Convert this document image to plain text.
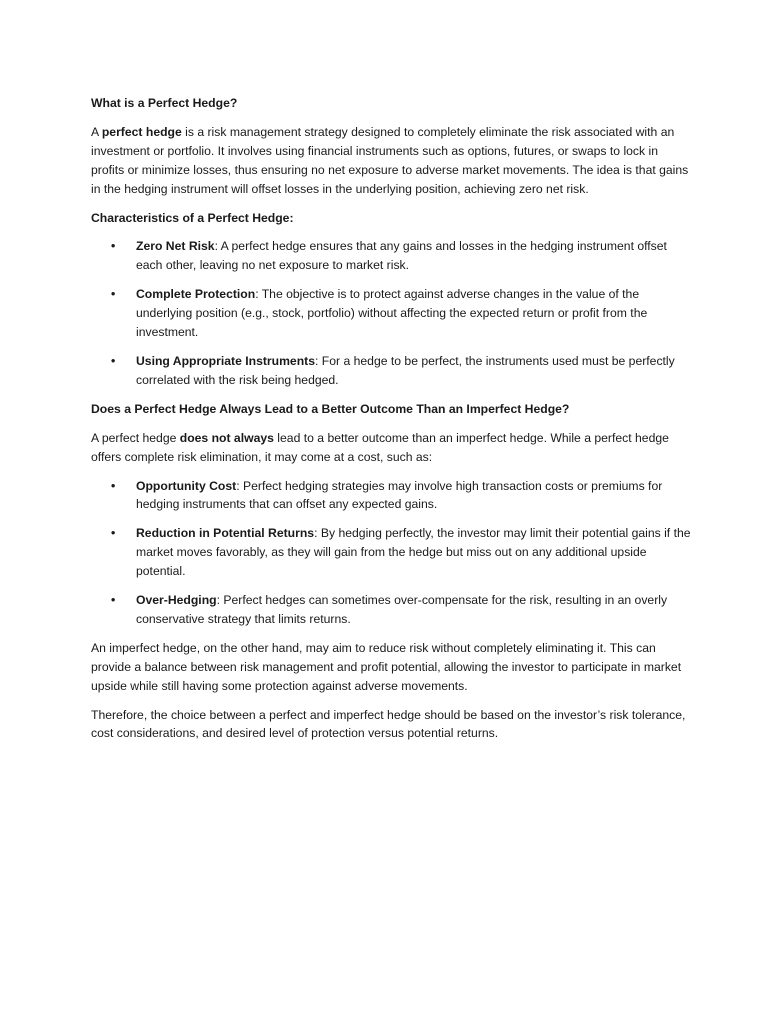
What is a Perfect Hedge?

A perfect hedge is a risk management strategy designed to completely eliminate the risk associated with an investment or portfolio. It involves using financial instruments such as options, futures, or swaps to lock in profits or minimize losses, thus ensuring no net exposure to adverse market movements. The idea is that gains in the hedging instrument will offset losses in the underlying position, achieving zero net risk.

Characteristics of a Perfect Hedge:
• Zero Net Risk: A perfect hedge ensures that any gains and losses in the hedging instrument offset each other, leaving no net exposure to market risk.
• Complete Protection: The objective is to protect against adverse changes in the value of the underlying position (e.g., stock, portfolio) without affecting the expected return or profit from the investment.
• Using Appropriate Instruments: For a hedge to be perfect, the instruments used must be perfectly correlated with the risk being hedged.
Does a Perfect Hedge Always Lead to a Better Outcome Than an Imperfect Hedge?

A perfect hedge does not always lead to a better outcome than an imperfect hedge. While a perfect hedge offers complete risk elimination, it may come at a cost, such as:

• Opportunity Cost: Perfect hedging strategies may involve high transaction costs or premiums for hedging instruments that can offset any expected gains.
• Reduction in Potential Returns: By hedging perfectly, the investor may limit their potential gains if the market moves favorably, as they will gain from the hedge but miss out on any additional upside potential.
• Over-Hedging: Perfect hedges can sometimes over-compensate for the risk, resulting in an overly conservative strategy that limits returns.

An imperfect hedge, on the other hand, may aim to reduce risk without completely eliminating it. This can provide a balance between risk management and profit potential, allowing the investor to participate in market upside while still having some protection against adverse movements.

Therefore, the choice between a perfect and imperfect hedge should be based on the investor’s risk tolerance, cost considerations, and desired level of protection versus potential returns.
